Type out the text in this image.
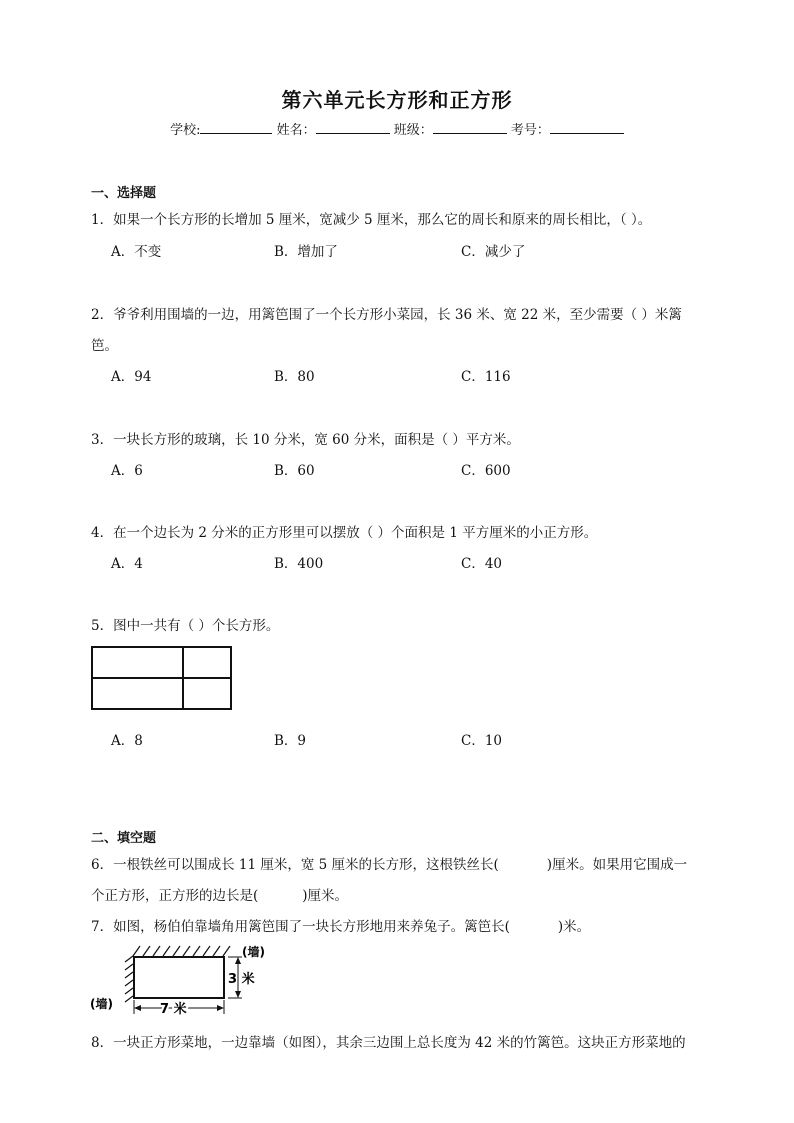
第六单元长方形和正方形
学校:	姓名：	班级：	考号：
一、选择题
1．如果一个长方形的长增加 5 厘米，宽减少 5 厘米，那么它的周长和原来的周长相比，（ ）。
A．不变	B．增加了	C．减少了
2．爷爷利用围墙的一边，用篱笆围了一个长方形小菜园，长 36 米、宽 22 米，至少需要（ ）米篱
笆。
A．94	B．80	C．116
3．一块长方形的玻璃，长 10 分米，宽 60 分米，面积是（ ）平方米。
A．6	B．60	C．600
4．在一个边长为 2 分米的正方形里可以摆放（ ）个面积是 1 平方厘米的小正方形。
A．4	B．400	C．40
5．图中一共有（ ）个长方形。
A．8	B．9	C．10
二、填空题
6．一根铁丝可以围成长 11 厘米，宽 5 厘米的长方形，这根铁丝长(	)厘米。如果用它围成一
个正方形，正方形的边长是(	)厘米。
7．如图，杨伯伯靠墙角用篱笆围了一块长方形地用来养兔子。篱笆长(	)米。
(墙)
(墙)
3 米
7 米
8．一块正方形菜地，一边靠墙（如图），其余三边围上总长度为 42 米的竹篱笆。这块正方形菜地的
